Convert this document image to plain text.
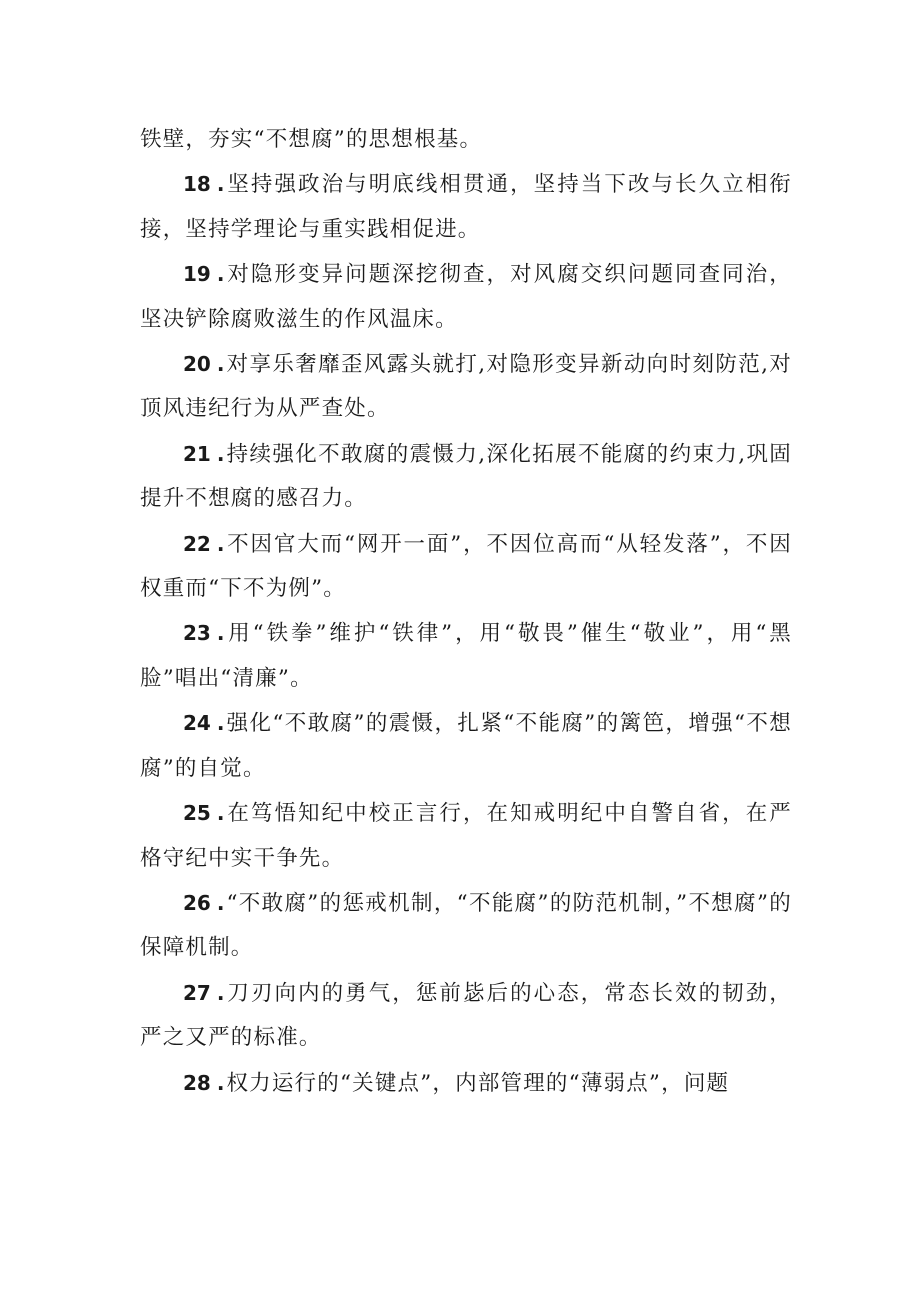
铁壁，夯实“不想腐”的思想根基。

18 .坚持强政治与明底线相贯通，坚持当下改与长久立相衔接，坚持学理论与重实践相促进。

19 .对隐形变异问题深挖彻查，对风腐交织问题同查同治，坚决铲除腐败滋生的作风温床。

20 .对享乐奢靡歪风露头就打,对隐形变异新动向时刻防范,对顶风违纪行为从严查处。

21 .持续强化不敢腐的震慑力,深化拓展不能腐的约束力,巩固提升不想腐的感召力。

22 .不因官大而“网开一面”，不因位高而“从轻发落”，不因权重而“下不为例”。

23 .用“铁拳”维护“铁律”，用“敬畏”催生“敬业”，用“黑脸”唱出“清廉”。

24 .强化“不敢腐”的震慑，扎紧“不能腐”的篱笆，增强“不想腐”的自觉。

25 .在笃悟知纪中校正言行，在知戒明纪中自警自省，在严格守纪中实干争先。

26 .“不敢腐”的惩戒机制，“不能腐”的防范机制，”不想腐”的保障机制。

27 .刀刃向内的勇气，惩前毖后的心态，常态长效的韧劲，严之又严的标准。

28 .权力运行的“关键点”，内部管理的“薄弱点”，问题
